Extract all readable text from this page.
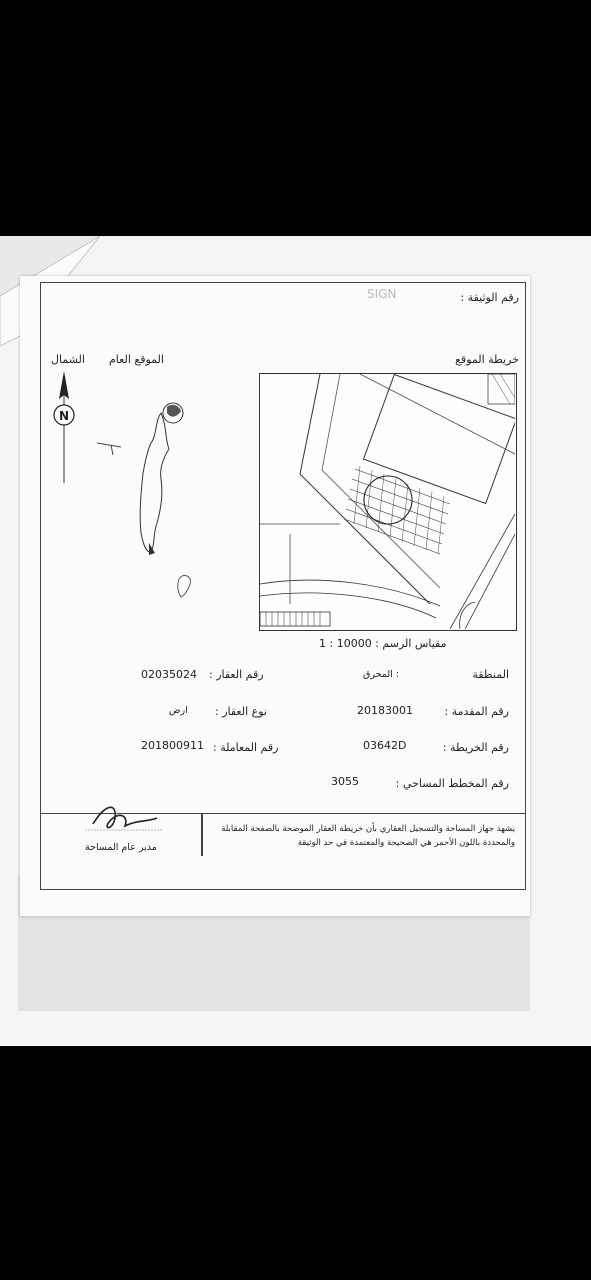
رقم الوثيقة :
SIGN
خريطة الموقع
الموقع العام
الشمال
N
مقياس الرسم : 10000 : 1
المنطقة
: المحرق
رقم العقار :
02035024
رقم المقدمة :
20183001
نوع العقار :
ارض
رقم الخريطة :
03642D
رقم المعاملة :
201800911
رقم المخطط المساحي :
3055
يشهد جهاز المساحة والتسجيل العقاري بأن خريطة العقار الموضحة بالصفحة المقابلة والمحددة باللون الأحمر هي الصحيحة والمعتمدة في حد الوثيقة
مدير عام المساحة
